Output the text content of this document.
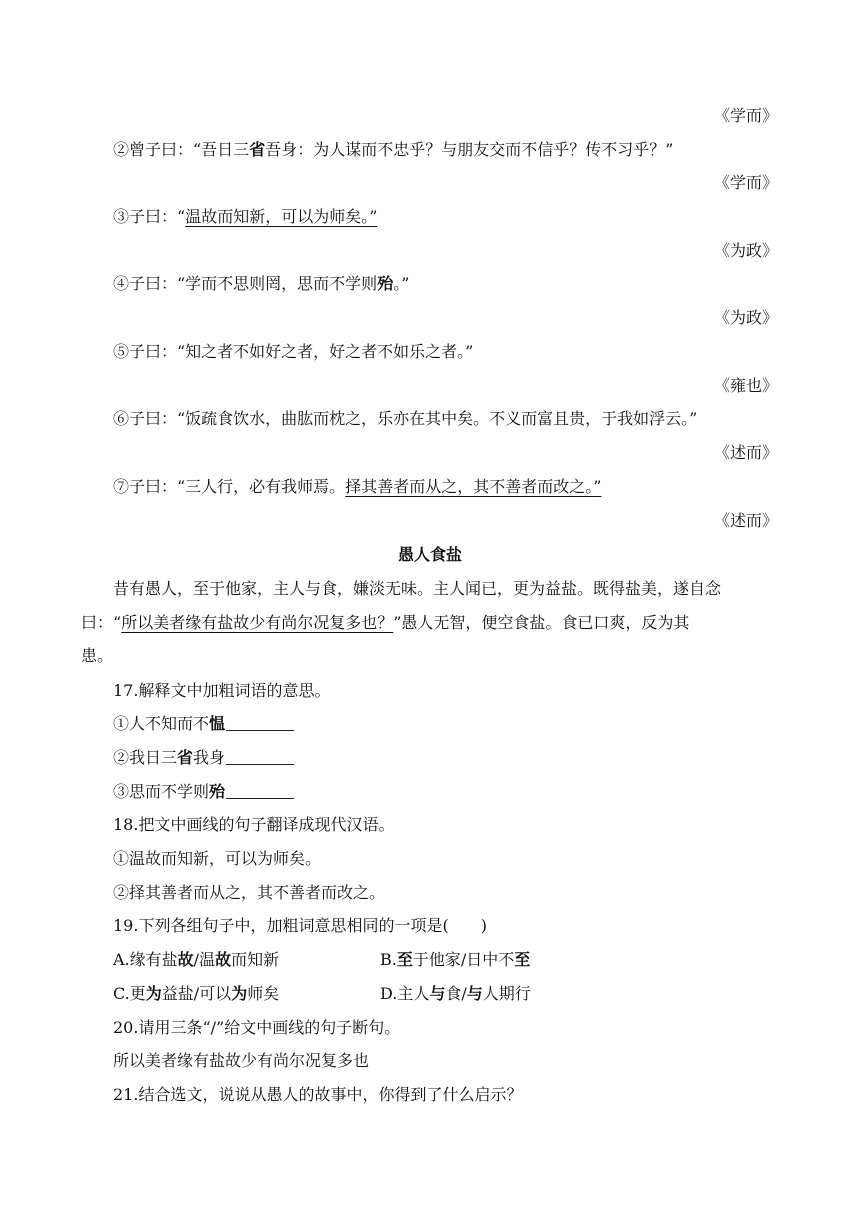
《学而》
②曾子曰：“吾日三省吾身：为人谋而不忠乎？与朋友交而不信乎？传不习乎？”
《学而》
③子曰：“温故而知新，可以为师矣。”
《为政》
④子曰：“学而不思则罔，思而不学则殆。”
《为政》
⑤子曰：“知之者不如好之者，好之者不如乐之者。”
《雍也》
⑥子曰：“饭疏食饮水，曲肱而枕之，乐亦在其中矣。不义而富且贵，于我如浮云。”
《述而》
⑦子曰：“三人行，必有我师焉。择其善者而从之，其不善者而改之。”
《述而》
愚人食盐
昔有愚人，至于他家，主人与食，嫌淡无味。主人闻已，更为益盐。既得盐美，遂自念
曰：“所以美者缘有盐故少有尚尔况复多也？”愚人无智，便空食盐。食已口爽，反为其
患。
17.解释文中加粗词语的意思。
①人不知而不愠
②我日三省我身
③思而不学则殆
18.把文中画线的句子翻译成现代汉语。
①温故而知新，可以为师矣。
②择其善者而从之，其不善者而改之。
19.下列各组句子中，加粗词意思相同的一项是(　　)
A.缘有盐故/温故而知新	B.至于他家/日中不至
C.更为益盐/可以为师矣	D.主人与食/与人期行
20.请用三条“/”给文中画线的句子断句。
所以美者缘有盐故少有尚尔况复多也
21.结合选文，说说从愚人的故事中，你得到了什么启示？
